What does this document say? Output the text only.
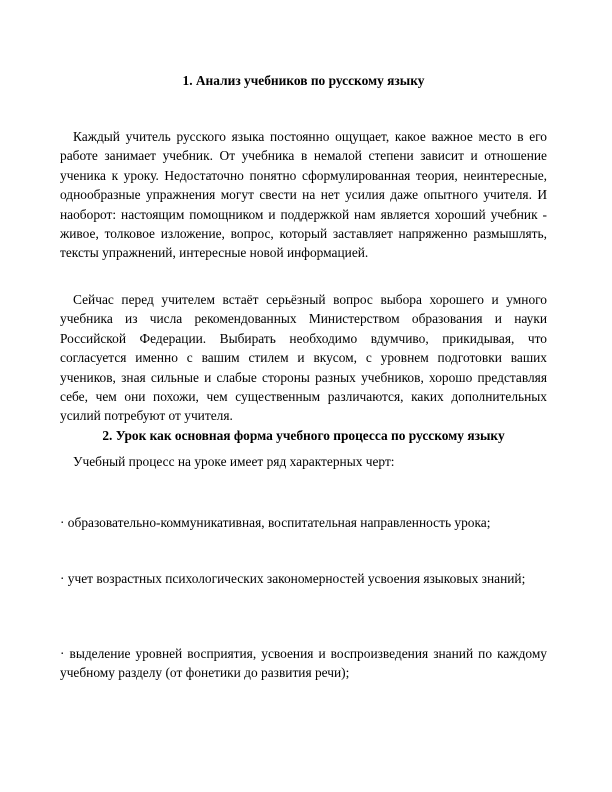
1. Анализ учебников по русскому языку

Каждый учитель русского языка постоянно ощущает, какое важное место в его работе занимает учебник. От учебника в немалой степени зависит и отношение ученика к уроку. Недостаточно понятно сформулированная теория, неинтересные, однообразные упражнения могут свести на нет усилия даже опытного учителя. И наоборот: настоящим помощником и поддержкой нам является хороший учебник - живое, толковое изложение, вопрос, который заставляет напряженно размышлять, тексты упражнений, интересные новой информацией.

Сейчас перед учителем встаёт серьёзный вопрос выбора хорошего и умного учебника из числа рекомендованных Министерством образования и науки Российской Федерации. Выбирать необходимо вдумчиво, прикидывая, что согласуется именно с вашим стилем и вкусом, с уровнем подготовки ваших учеников, зная сильные и слабые стороны разных учебников, хорошо представляя себе, чем они похожи, чем существенным различаются, каких дополнительных усилий потребуют от учителя.

2. Урок как основная форма учебного процесса по русскому языку

Учебный процесс на уроке имеет ряд характерных черт:

· образовательно-коммуникативная, воспитательная направленность урока;

· учет возрастных психологических закономерностей усвоения языковых знаний;

· выделение уровней восприятия, усвоения и воспроизведения знаний по каждому учебному разделу (от фонетики до развития речи);
